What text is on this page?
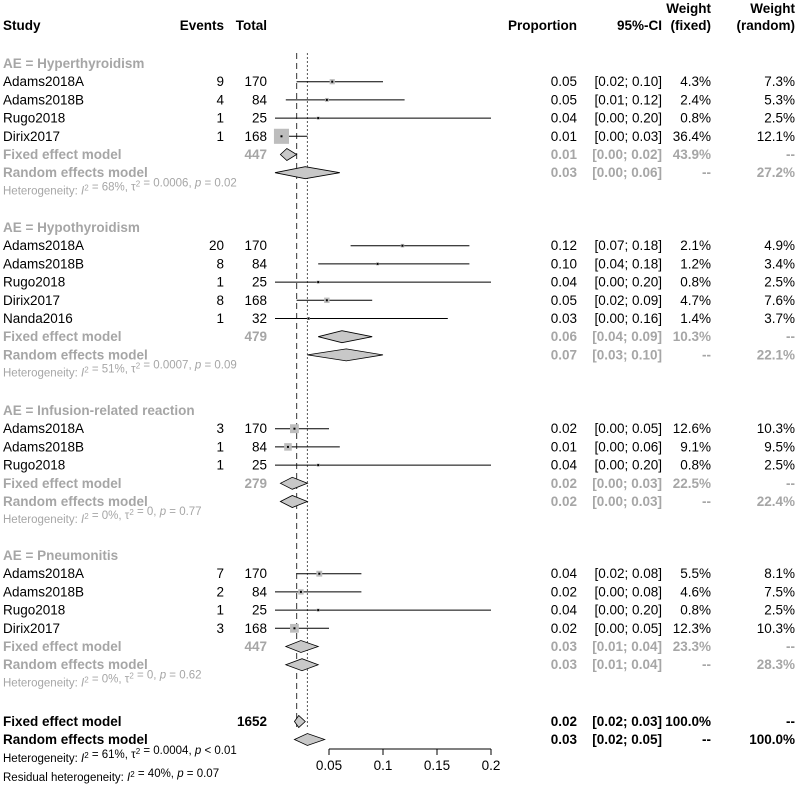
Study	Events Total	Proportion	95%-CI
Weight
(fixed)
Weight
(random)
AE = Hyperthyroidism
Adams2018A	9 170	0.05 [0.02; 0.10] 4.3%	7.3%
Adams2018B	4 84	0.05 [0.01; 0.12] 2.4%	5.3%
Rugo2018	1 25	0.04 [0.00; 0.20] 0.8%	2.5%
Dirix2017	1 168	0.01 [0.00; 0.03] 36.4%	12.1%
Fixed effect model	447	0.01 [0.00; 0.02] 43.9%	--
Random effects model	0.03 [0.00; 0.06]	--	27.2%
Heterogeneity: $I^2 = 68\%$, $\tau^2 = 0.0006$, p = 0.02
AE = Hypothyroidism
Adams2018A	20 170	0.12 [0.07; 0.18] 2.1%	4.9%
Adams2018B	8 84	0.10 [0.04; 0.18] 1.2%	3.4%
Rugo2018	1 25	0.04 [0.00; 0.20] 0.8%	2.5%
Dirix2017	8 168	0.05 [0.02; 0.09] 4.7%	7.6%
Nanda2016	1 32	0.03 [0.00; 0.16] 1.4%	3.7%
Fixed effect model	479	0.06 [0.04; 0.09] 10.3%	--
Random effects model	0.07 [0.03; 0.10]	--	22.1%
Heterogeneity: $I^2 = 51\%$, $\tau^2 = 0.0007$, p = 0.09
AE = Infusion-related reaction
Adams2018A	3 170	0.02 [0.00; 0.05] 12.6%	10.3%
Adams2018B	1 84	0.01 [0.00; 0.06] 9.1%	9.5%
Rugo2018	1 25	0.04 [0.00; 0.20] 0.8%	2.5%
Fixed effect model	279	0.02 [0.00; 0.03] 22.5%	--
Random effects model	0.02 [0.00; 0.03]	--	22.4%
Heterogeneity: $I^2 = 0\%$, $\tau^2 = 0$, p = 0.77
AE = Pneumonitis
Adams2018A	7 170	0.04 [0.02; 0.08] 5.5%	8.1%
Adams2018B	2 84	0.02 [0.00; 0.08] 4.6%	7.5%
Rugo2018	1 25	0.04 [0.00; 0.20] 0.8%	2.5%
Dirix2017	3 168	0.02 [0.00; 0.05] 12.3%	10.3%
Fixed effect model	447	0.03 [0.01; 0.04] 23.3%	--
Random effects model	0.03 [0.01; 0.04]	--	28.3%
Heterogeneity: $I^2 = 0\%$, $\tau^2 = 0$, p = 0.62
Fixed effect model	1652	0.02 [0.02; 0.03] 100.0%	--
Random effects model	0.03 [0.02; 0.05]	--	100.0%
Heterogeneity: $I^2 = 61\%$, $\tau^2 = 0.0004$, p < 0.01
Residual heterogeneity: $I^2 = 40\%$, p = 0.07
0.05 0.1 0.15 0.2
